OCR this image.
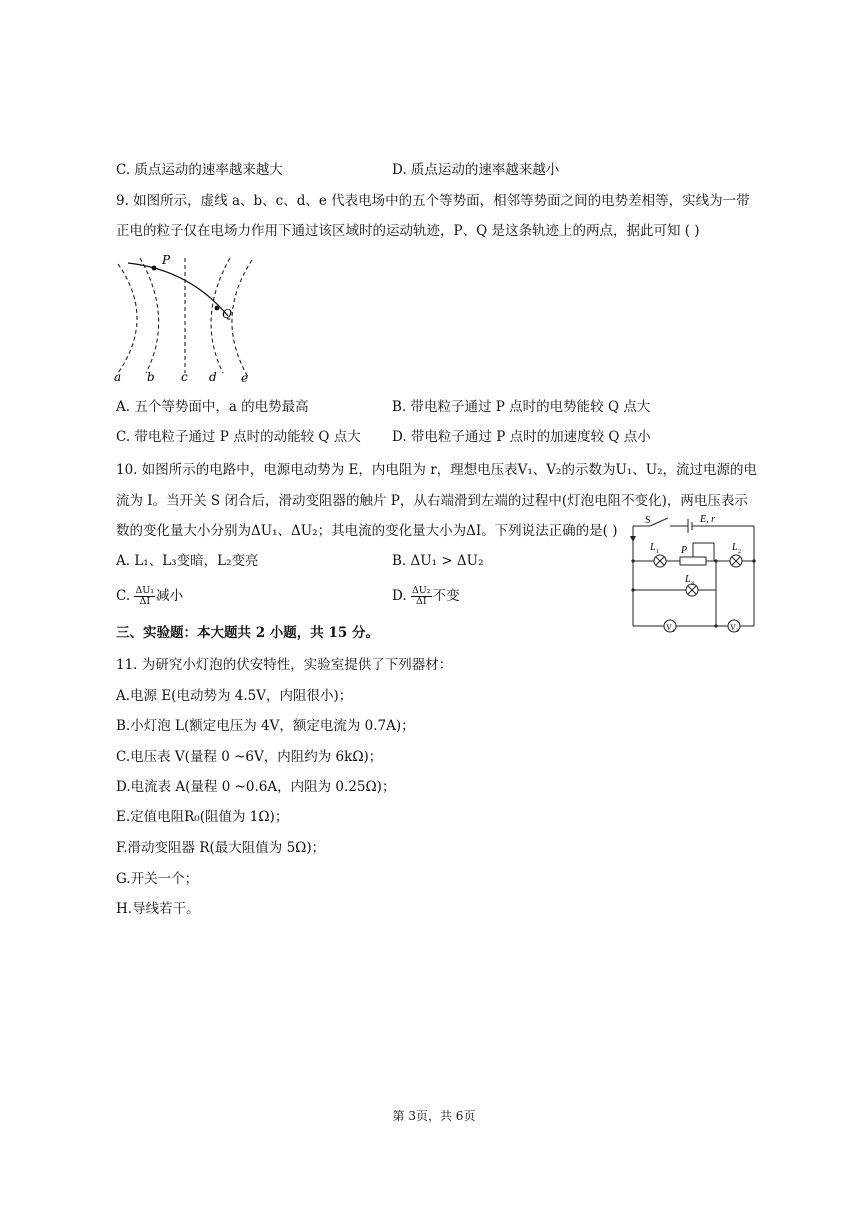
C. 质点运动的速率越来越大	D. 质点运动的速率越来越小
9. 如图所示，虚线 a、b、c、d、e 代表电场中的五个等势面，相邻等势面之间的电势差相等，实线为一带
正电的粒子仅在电场力作用下通过该区域时的运动轨迹，P、Q 是这条轨迹上的两点，据此可知 ( )
P
Q
a b c d e
A. 五个等势面中，a 的电势最高	B. 带电粒子通过 P 点时的电势能较 Q 点大
C. 带电粒子通过 P 点时的动能较 Q 点大 D. 带电粒子通过 P 点时的加速度较 Q 点小
10. 如图所示的电路中，电源电动势为 E，内电阻为 r，理想电压表V₁、V₂的示数为U₁、U₂，流过电源的电
流为 I。当开关 S 闭合后，滑动变阻器的触片 P，从右端滑到左端的过程中(灯泡电阻不变化)，两电压表示
数的变化量大小分别为ΔU₁、ΔU₂；其电流的变化量大小为ΔI。下列说法正确的是( )
A. L₁、L₃变暗，L₂变亮	B. ΔU₁ > ΔU₂
C. $\frac{\text{ΔU₁}}{\Delta I}$ 减小	D. $\frac{\text{ΔU₂}}{\Delta I}$ 不变
S	E, r
L 1	L 2
L 3
P
V 1	V 2
三、实验题：本大题共 2 小题，共 15 分。
11. 为研究小灯泡的伏安特性，实验室提供了下列器材：
A.电源 E(电动势为 4.5V，内阻很小)；
B.小灯泡 L(额定电压为 4V，额定电流为 0.7A)；
C.电压表 V(量程 0 ~6V，内阻约为 6kΩ)；
D.电流表 A(量程 0 ~0.6A，内阻为 0.25Ω)；
E.定值电阻R₀(阻值为 1Ω)；
F.滑动变阻器 R(最大阻值为 5Ω)；
G.开关一个；
H.导线若干。
第 3页，共 6页
